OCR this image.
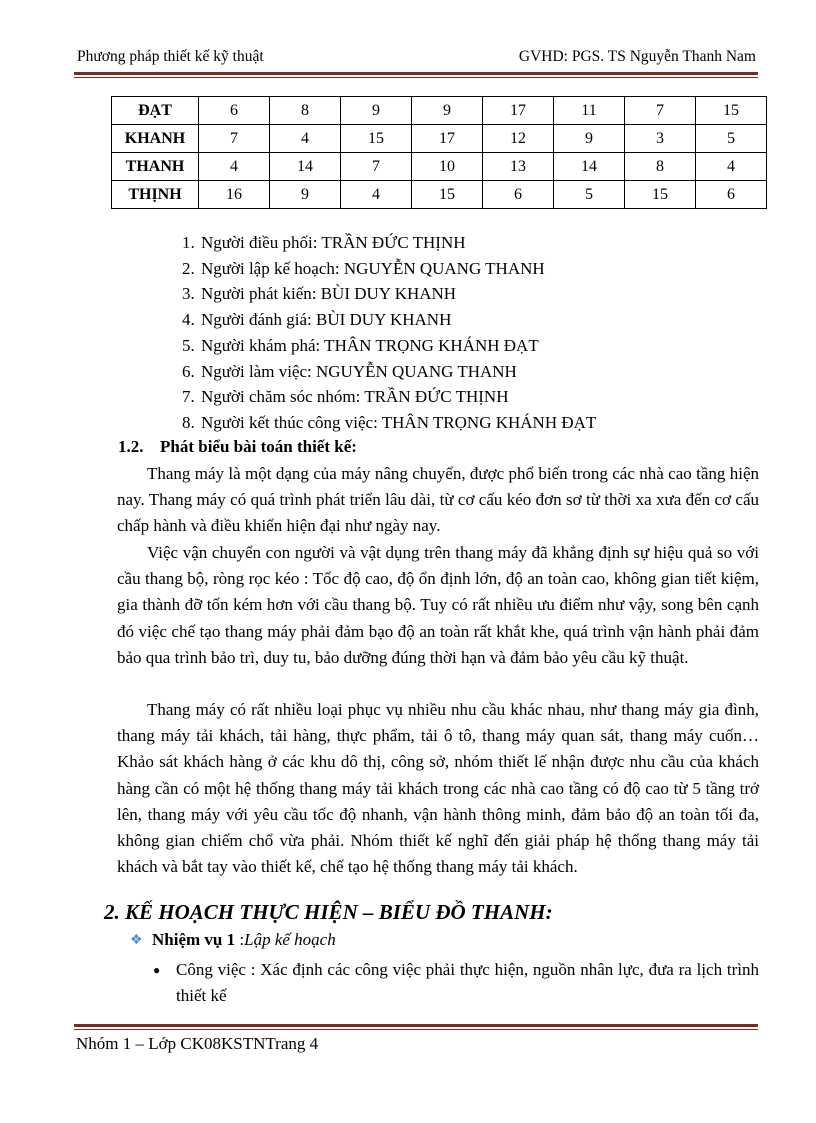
Phương pháp thiết kế kỹ thuật	GVHD: PGS. TS Nguyễn Thanh Nam
ĐẠT	6	8	9	9	17	11	7	15
KHANH	7	4	15	17	12	9	3	5
THANH	4	14	7	10	13	14	8	4
THỊNH	16	9	4	15	6	5	15	6
1. Người điều phối: TRẦN ĐỨC THỊNH
2. Người lập kế hoạch: NGUYỄN QUANG THANH
3. Người phát kiến: BÙI DUY KHANH
4. Người đánh giá: BÙI DUY KHANH
5. Người khám phá: THÂN TRỌNG KHÁNH ĐẠT
6. Người làm việc: NGUYỄN QUANG THANH
7. Người chăm sóc nhóm: TRẦN ĐỨC THỊNH
8. Người kết thúc công việc: THÂN TRỌNG KHÁNH ĐẠT
1.2. Phát biểu bài toán thiết kế:

Thang máy là một dạng của máy nâng chuyển, được phổ biến trong các nhà cao tầng hiện nay. Thang máy có quá trình phát triển lâu dài, từ cơ cấu kéo đơn sơ từ thời xa xưa đến cơ cấu chấp hành và điều khiển hiện đại như ngày nay.

Việc vận chuyển con người và vật dụng trên thang máy đã khẳng định sự hiệu quả so với cầu thang bộ, ròng rọc kéo : Tốc độ cao, độ ổn định lớn, độ an toàn cao, không gian tiết kiệm, gia thành đỡ tốn kém hơn với cầu thang bộ. Tuy có rất nhiều ưu điểm như vậy, song bên cạnh đó việc chế tạo thang máy phải đảm bạo độ an toàn rất khắt khe, quá trình vận hành phải đảm bảo qua trình bảo trì, duy tu, bảo dưỡng đúng thời hạn và đảm bảo yêu cầu kỹ thuật.

Thang máy có rất nhiều loại phục vụ nhiều nhu cầu khác nhau, như thang máy gia đình, thang máy tải khách, tải hàng, thực phẩm, tải ô tô, thang máy quan sát, thang máy cuốn…Khảo sát khách hàng ở các khu dô thị, công sở, nhóm thiết lế nhận được nhu cầu của khách hàng cần có một hệ thống thang máy tải khách trong các nhà cao tầng có độ cao từ 5 tầng trở lên, thang máy với yêu cầu tốc độ nhanh, vận hành thông minh, đảm bảo độ an toàn tối đa, không gian chiếm chổ vừa phải. Nhóm thiết kế nghĩ đến giải pháp hệ thống thang máy tải khách và bắt tay vào thiết kế, chế tạo hệ thống thang máy tải khách.

2. KẾ HOẠCH THỰC HIỆN – BIỂU ĐỒ THANH:
❖ Nhiệm vụ 1
: Lập kế hoạch
● Công việc : Xác định các công việc phải thực hiện, nguồn nhân lực, đưa ra lịch trình thiết kế

Nhóm 1 – Lớp CK08KSTNTrang 4
